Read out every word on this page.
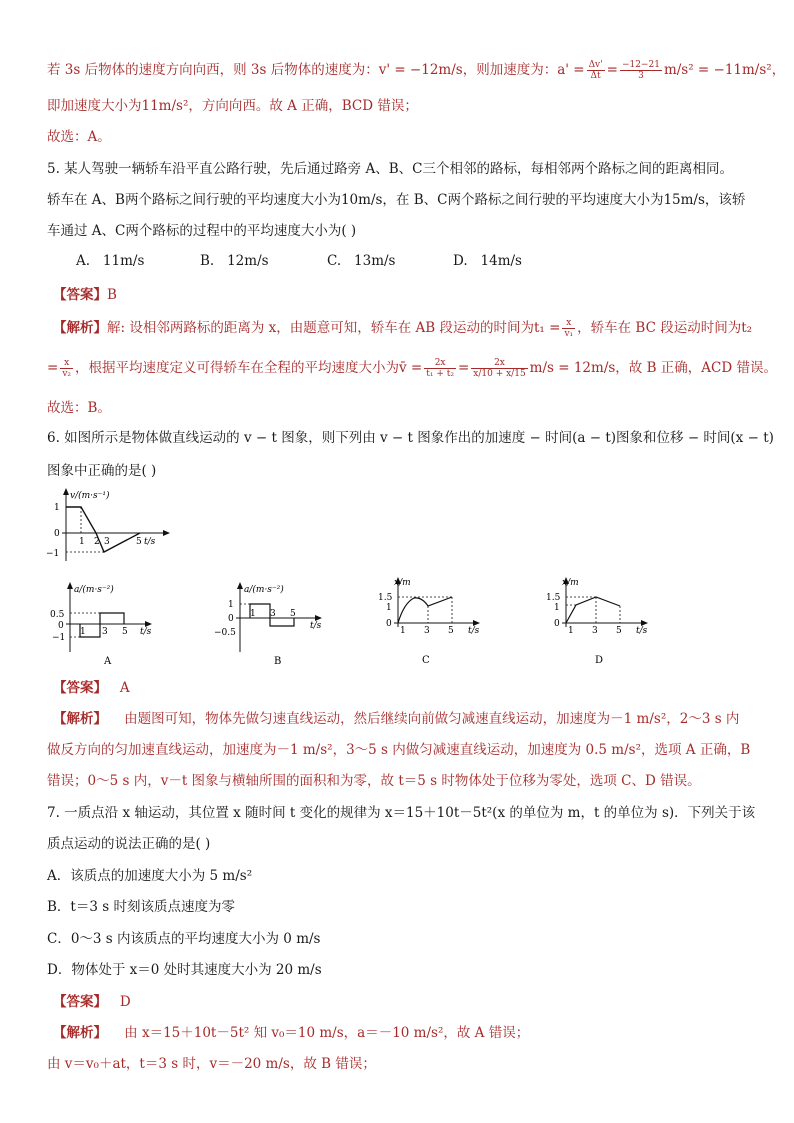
若 3s 后物体的速度方向向西，则 3s 后物体的速度为：v' = −12m/s，则加速度为：$a' = \frac{\Delta v'}{\Delta t} = \frac{-12-21}{3} m/s^2 = -11m/s^2$，
即加速度大小为11m/s²，方向向西。故 A 正确，BCD 错误；
故选：A。
5. 某人驾驶一辆轿车沿平直公路行驶，先后通过路旁 A、B、C三个相邻的路标，每相邻两个路标之间的距离相同。
轿车在 A、B两个路标之间行驶的平均速度大小为10m/s，在 B、C两个路标之间行驶的平均速度大小为15m/s，该轿
车通过 A、C两个路标的过程中的平均速度大小为( )
A. 11m/s	B. 12m/s	C. 13m/s	D. 14m/s
【答案】B
【解析】解: 设相邻两路标的距离为 x，由题意可知，轿车在 AB 段运动的时间为$t_1 = \frac{x}{\text{v₁}}$ ，轿车在 BC 段运动时间为t₂
= $\frac{x}{\text{v₂}}$ ，根据平均速度定义可得轿车在全程的平均速度大小为v̄ = $\frac{2x}{\text{t₁ + t₂}} = \frac{2x}{x/10 + x/15} m/s = 12m/s$，故 B 正确，ACD 错误。
故选：B。
6. 如图所示是物体做直线运动的 v − t 图象，则下列由 v − t 图象作出的加速度 − 时间(a − t)图象和位移 − 时间(x − t)
图象中正确的是( )
v/(m·s⁻¹)
t/s
1
0
−1
1 2 3	5
a/(m·s⁻²)
t/s
0.5
0
−1
1 3 5
A
a/(m·s⁻²)
t/s
1
0
−0.5
1 3 5
B
x/m
t/s
1.5
1
0
1 3 5
C
x/m
t/s
1.5
1
0
1 3 5
D
【答案】 A
【解析】 由题图可知，物体先做匀速直线运动，然后继续向前做匀减速直线运动，加速度为－1 m/s²，2～3 s 内
做反方向的匀加速直线运动，加速度为－1 m/s²，3～5 s 内做匀减速直线运动，加速度为 0.5 m/s²，选项 A 正确，B
错误；0～5 s 内，v－t 图象与横轴所围的面积和为零，故 t＝5 s 时物体处于位移为零处，选项 C、D 错误。
7. 一质点沿 x 轴运动，其位置 x 随时间 t 变化的规律为 x＝15＋10t－5t²(x 的单位为 m，t 的单位为 s)．下列关于该
质点运动的说法正确的是( )
A．该质点的加速度大小为 5 m/s²
B．t＝3 s 时刻该质点速度为零
C．0～3 s 内该质点的平均速度大小为 0 m/s
D．物体处于 x＝0 处时其速度大小为 20 m/s
【答案】 D
【解析】 由 x＝15＋10t－5t² 知 v₀＝10 m/s，a＝－10 m/s²，故 A 错误；
由 v＝v₀＋at，t＝3 s 时，v＝－20 m/s，故 B 错误；
